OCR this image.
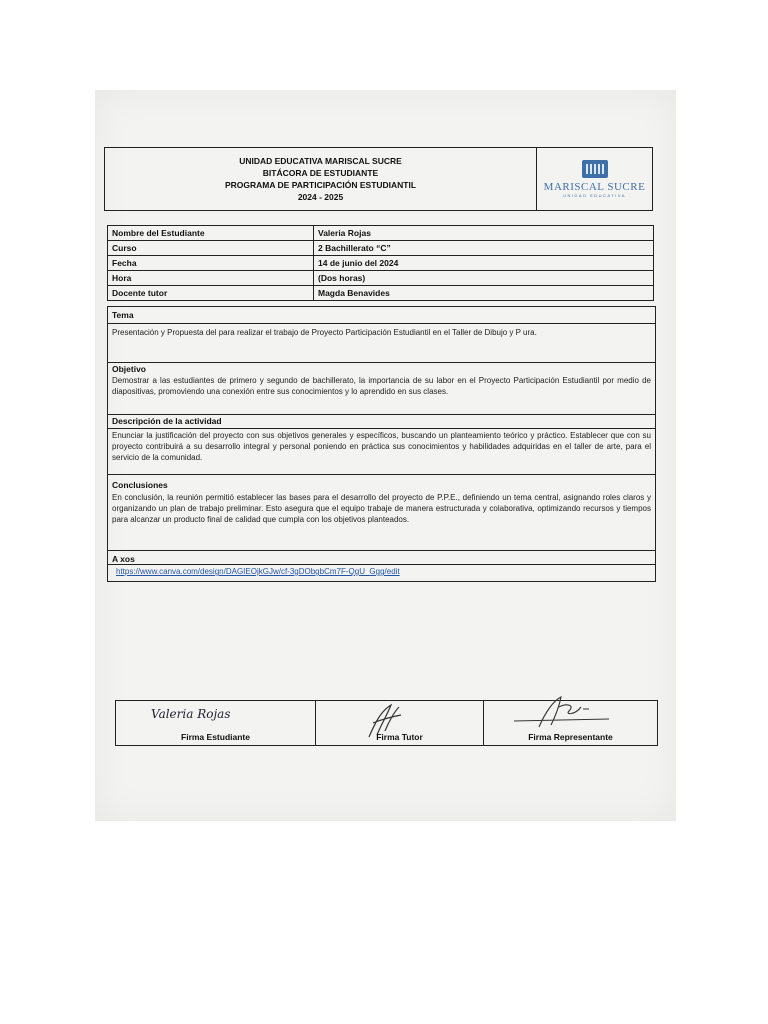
UNIDAD EDUCATIVA MARISCAL SUCRE
BITÁCORA DE ESTUDIANTE
PROGRAMA DE PARTICIPACIÓN ESTUDIANTIL
2024 - 2025
MARISCAL SUCRE
UNIDAD EDUCATIVA
Nombre del Estudiante	Valeria Rojas
Curso	2 Bachillerato “C”
Fecha	14 de junio del 2024
Hora	(Dos horas)
Docente tutor	Magda Benavides
Tema
Presentación y Propuesta del para realizar el trabajo de Proyecto Participación Estudiantil en el Taller de Dibujo y P ura.
Objetivo
Demostrar a las estudiantes de primero y segundo de bachillerato, la importancia de su labor en el Proyecto Participación Estudiantil por medio de diapositivas, promoviendo una conexión entre sus conocimientos y lo aprendido en sus clases.
Descripción de la actividad
Enunciar la justificación del proyecto con sus objetivos generales y específicos, buscando un planteamiento teórico y práctico. Establecer que con su proyecto contribuirá a su desarrollo integral y personal poniendo en práctica sus conocimientos y habilidades adquiridas en el taller de arte, para el servicio de la comunidad.
Conclusiones
En conclusión, la reunión permitió establecer las bases para el desarrollo del proyecto de P.P.E., definiendo un tema central, asignando roles claros y organizando un plan de trabajo preliminar. Esto asegura que el equipo trabaje de manera estructurada y colaborativa, optimizando recursos y tiempos para alcanzar un producto final de calidad que cumpla con los objetivos planteados.
A xos
https://www.canva.com/design/DAGIEOjkGJw/cf-3gDObgbCm7F-QgU_Ggg/edit
Valeria Rojas
Firma Estudiante	Firma Tutor	Firma Representante
